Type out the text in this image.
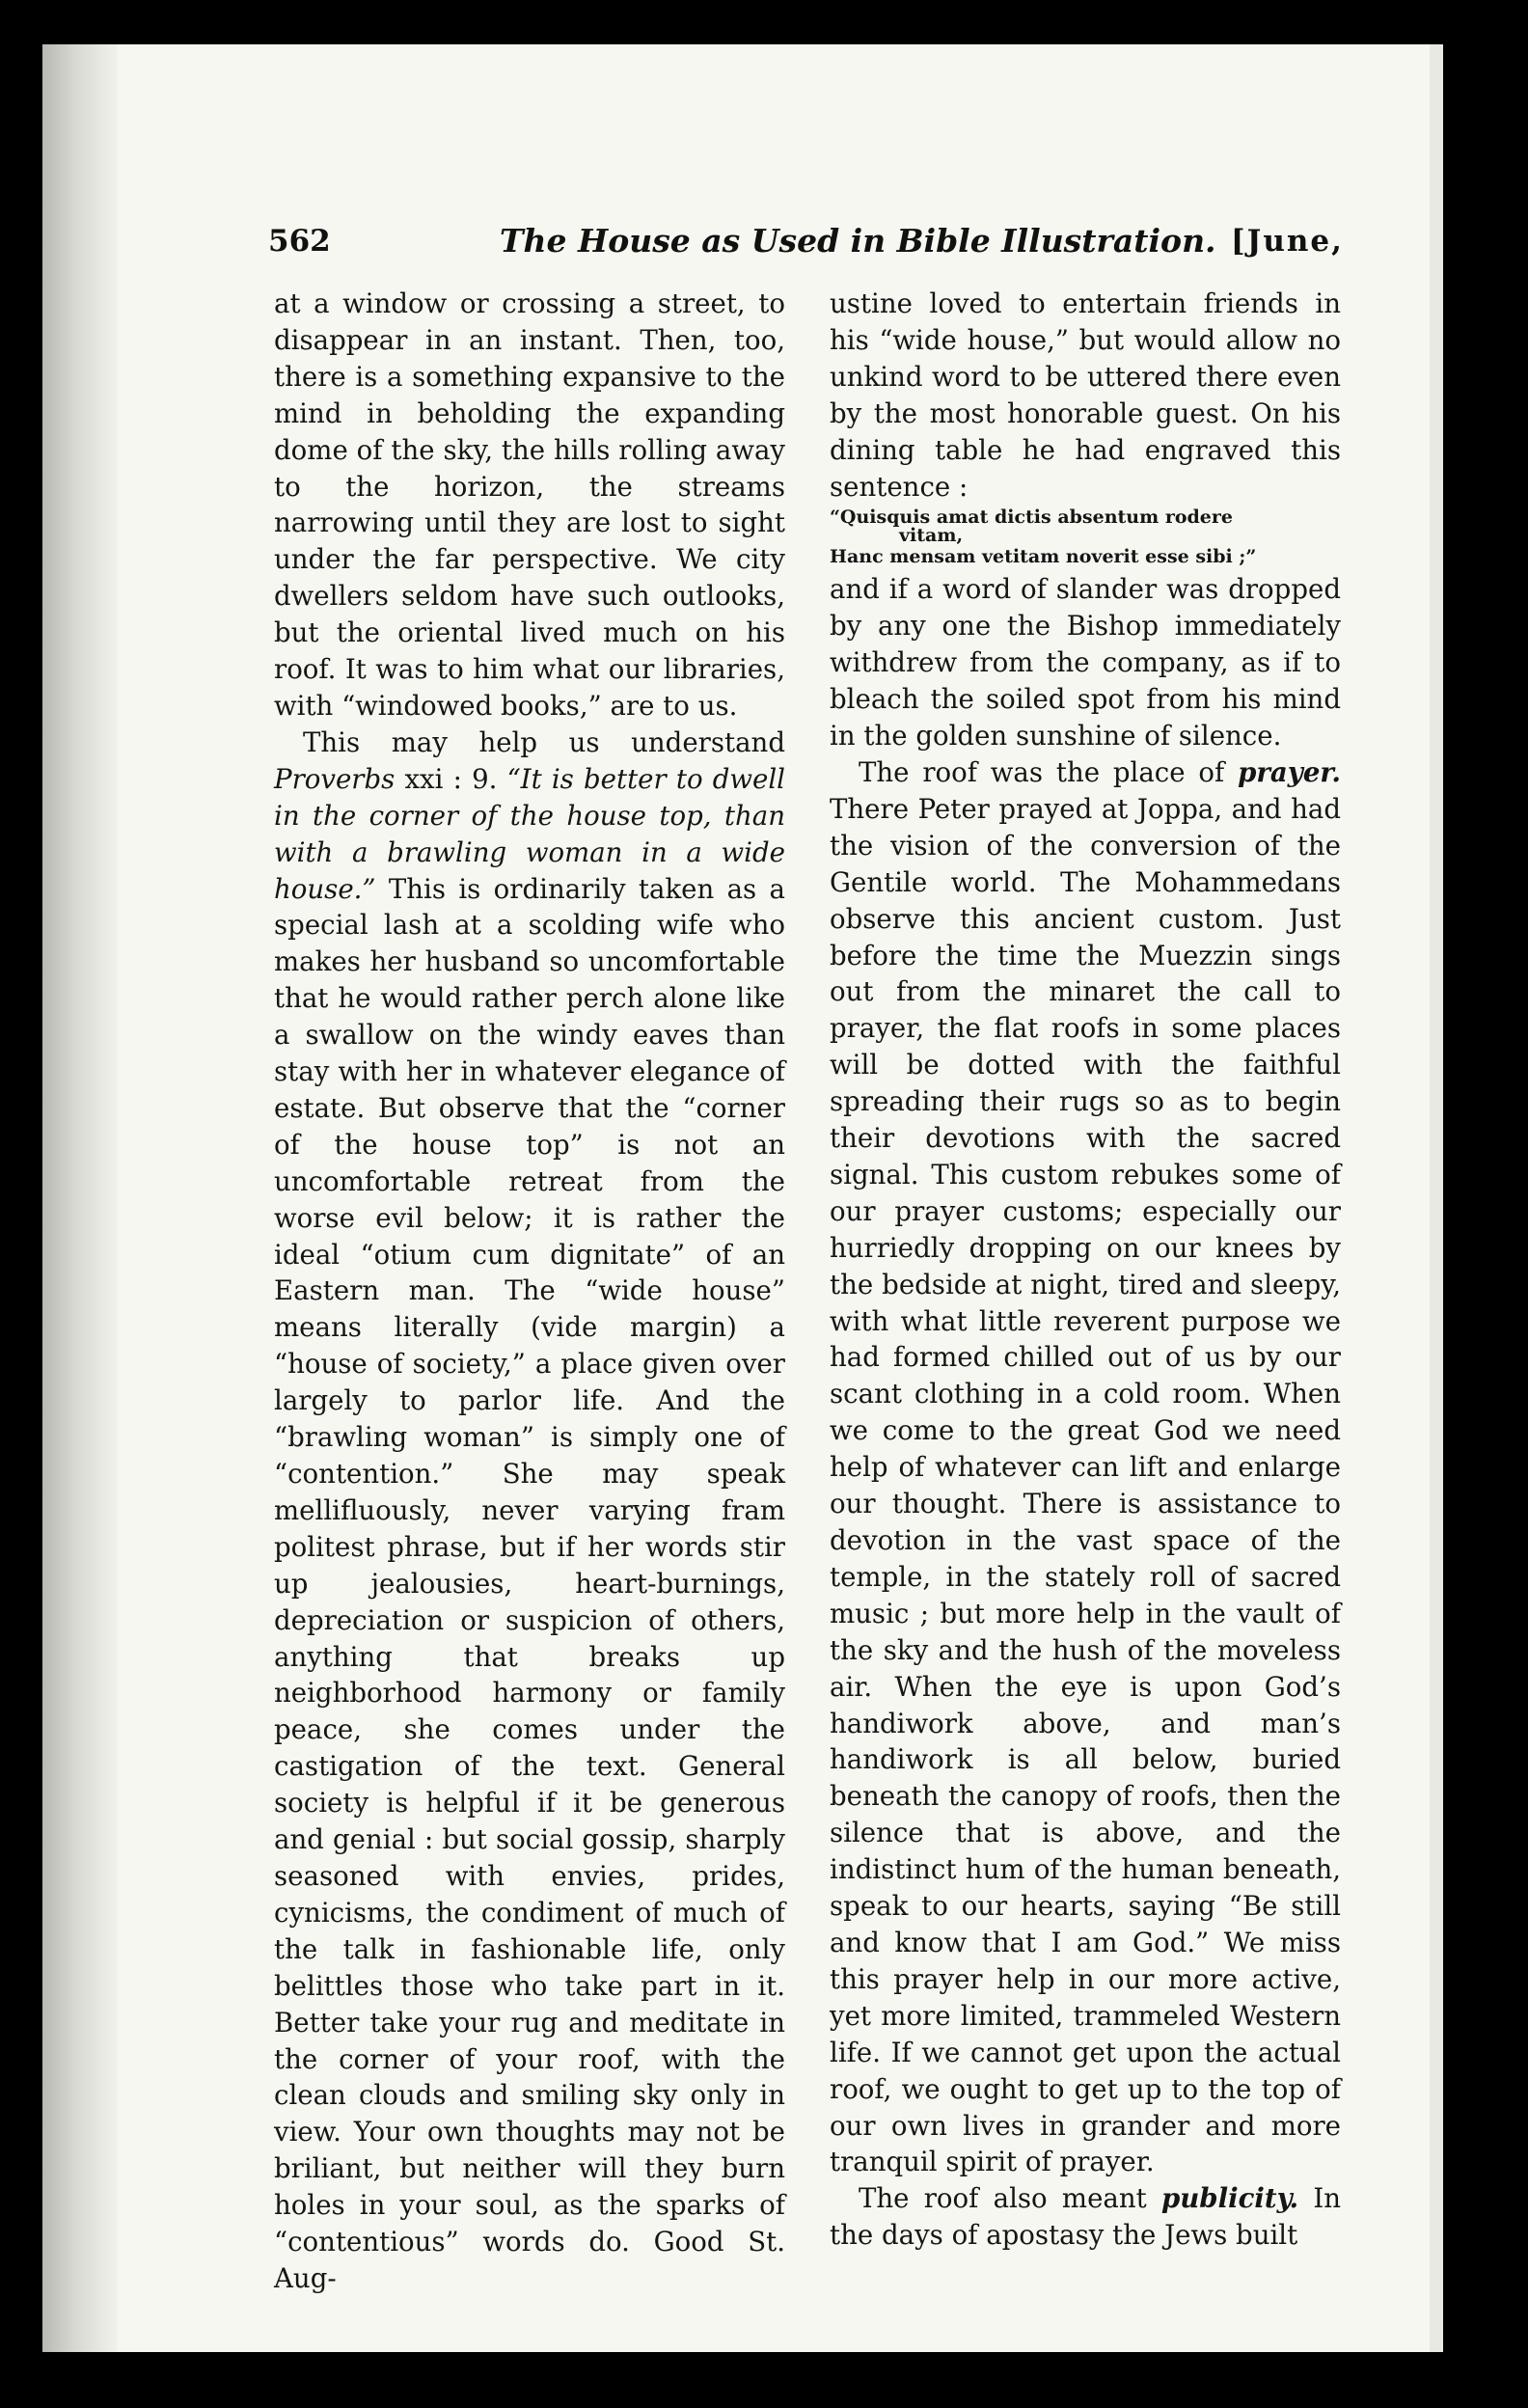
562	The House as Used in Bible Illustration. [June,

at a window or crossing a street, to disappear in an instant. Then, too, there is a something expansive to the mind in beholding the expanding dome of the sky, the hills rolling away to the horizon, the streams narrowing until they are lost to sight under the far perspective. We city dwellers seldom have such outlooks, but the oriental lived much on his roof. It was to him what our libraries, with “windowed books,” are to us.

This may help us understand Proverbs xxi : 9. “It is better to dwell in the corner of the house top, than with a brawling woman in a wide house.” This is ordinarily taken as a special lash at a scolding wife who makes her husband so uncomfortable that he would rather perch alone like a swallow on the windy eaves than stay with her in whatever elegance of estate. But observe that the “corner of the house top” is not an uncomfortable retreat from the worse evil below; it is rather the ideal “otium cum dignitate” of an Eastern man. The “wide house” means literally (vide margin) a “house of society,” a place given over largely to parlor life. And the “brawling woman” is simply one of “contention.” She may speak mellifluously, never varying fram politest phrase, but if her words stir up jealousies, heart-burnings, depreciation or suspicion of others, anything that breaks up neighborhood harmony or family peace, she comes under the castigation of the text. General society is helpful if it be generous and genial : but social gossip, sharply seasoned with envies, prides, cynicisms, the condiment of much of the talk in fashionable life, only belittles those who take part in it. Better take your rug and meditate in the corner of your roof, with the clean clouds and smiling sky only in view. Your own thoughts may not be briliant, but neither will they burn holes in your soul, as the sparks of “contentious” words do. Good St. Aug-

ustine loved to entertain friends in his “wide house,” but would allow no unkind word to be uttered there even by the most honorable guest. On his dining table he had engraved this sentence :

“Quisquis amat dictis absentum rodere
vitam,
Hanc mensam vetitam noverit esse sibi ;”

and if a word of slander was dropped by any one the Bishop immediately withdrew from the company, as if to bleach the soiled spot from his mind in the golden sunshine of silence.

The roof was the place of prayer. There Peter prayed at Joppa, and had the vision of the conversion of the Gentile world. The Mohammedans observe this ancient custom. Just before the time the Muezzin sings out from the minaret the call to prayer, the flat roofs in some places will be dotted with the faithful spreading their rugs so as to begin their devotions with the sacred signal. This custom rebukes some of our prayer customs; especially our hurriedly dropping on our knees by the bedside at night, tired and sleepy, with what little reverent purpose we had formed chilled out of us by our scant clothing in a cold room. When we come to the great God we need help of whatever can lift and enlarge our thought. There is assistance to devotion in the vast space of the temple, in the stately roll of sacred music ; but more help in the vault of the sky and the hush of the moveless air. When the eye is upon God’s handiwork above, and man’s handiwork is all below, buried beneath the canopy of roofs, then the silence that is above, and the indistinct hum of the human beneath, speak to our hearts, saying “Be still and know that I am God.” We miss this prayer help in our more active, yet more limited, trammeled Western life. If we cannot get upon the actual roof, we ought to get up to the top of our own lives in grander and more tranquil spirit of prayer.

The roof also meant publicity. In the days of apostasy the Jews built
